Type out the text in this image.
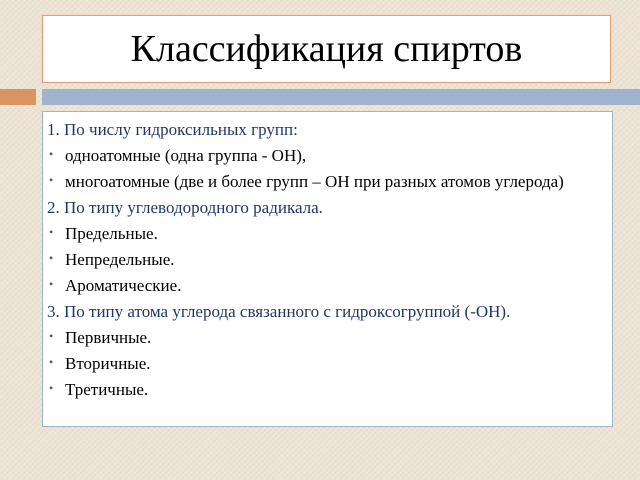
Классификация спиртов
1. По числу гидроксильных групп:
• одноатомные (одна группа - ОН),
• многоатомные (две и более групп – ОН при разных атомов углерода)
2. По типу углеводородного радикала.
• Предельные.
• Непредельные.
• Ароматические.
3. По типу атома углерода связанного с гидроксогруппой (-ОН).
• Первичные.
• Вторичные.
• Третичные.
